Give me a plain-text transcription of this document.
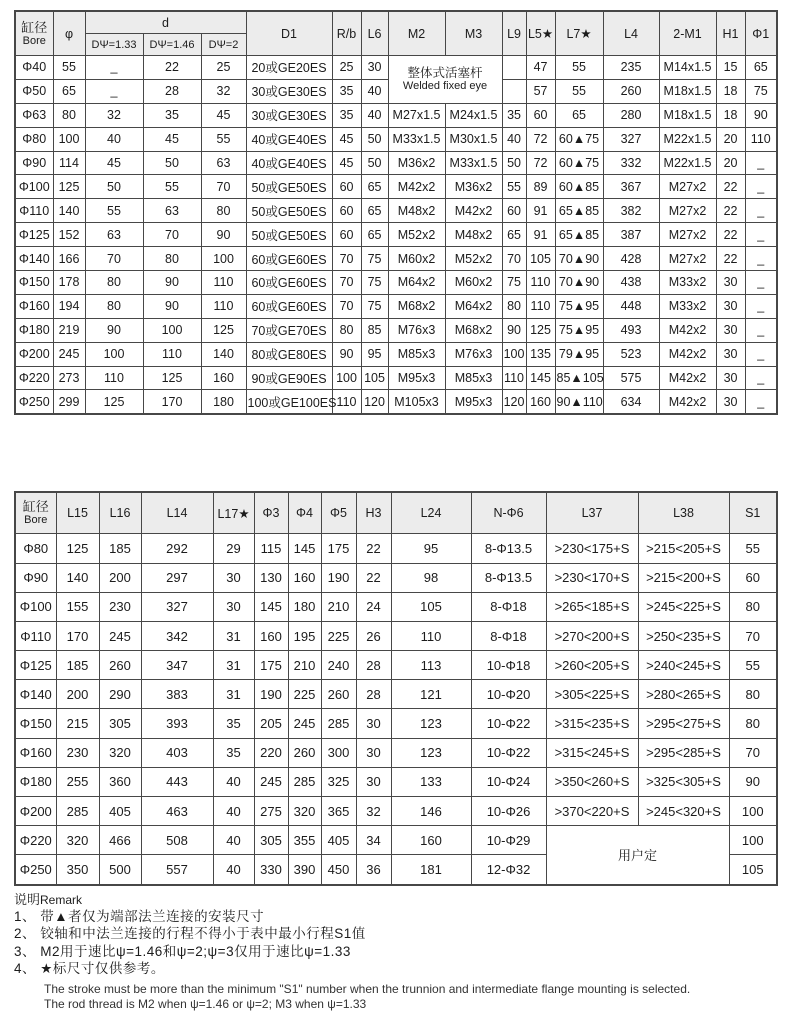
缸径
Bore	φ	d			D1	R/b	L6	M2	M3	L9	L5★	L7★	L4	2-M1	H1	Φ1
		DΨ=1.33	DΨ=1.46	DΨ=2												
Φ40	55	_	22	25	20或GE20ES	25	30	整体式活塞杆
Welded fixed eye			47	55	235	M14x1.5	15	65
Φ50	65	_	28	32	30或GE30ES	35	40				57	55	260	M18x1.5	18	75
Φ63	80	32	35	45	30或GE30ES	35	40	M27x1.5	M24x1.5	35	60	65	280	M18x1.5	18	90
Φ80	100	40	45	55	40或GE40ES	45	50	M33x1.5	M30x1.5	40	72	60▲75	327	M22x1.5	20	110
Φ90	114	45	50	63	40或GE40ES	45	50	M36x2	M33x1.5	50	72	60▲75	332	M22x1.5	20	_
Φ100	125	50	55	70	50或GE50ES	60	65	M42x2	M36x2	55	89	60▲85	367	M27x2	22	_
Φ110	140	55	63	80	50或GE50ES	60	65	M48x2	M42x2	60	91	65▲85	382	M27x2	22	_
Φ125	152	63	70	90	50或GE50ES	60	65	M52x2	M48x2	65	91	65▲85	387	M27x2	22	_
Φ140	166	70	80	100	60或GE60ES	70	75	M60x2	M52x2	70	105	70▲90	428	M27x2	22	_
Φ150	178	80	90	110	60或GE60ES	70	75	M64x2	M60x2	75	110	70▲90	438	M33x2	30	_
Φ160	194	80	90	110	60或GE60ES	70	75	M68x2	M64x2	80	110	75▲95	448	M33x2	30	_
Φ180	219	90	100	125	70或GE70ES	80	85	M76x3	M68x2	90	125	75▲95	493	M42x2	30	_
Φ200	245	100	110	140	80或GE80ES	90	95	M85x3	M76x3	100	135	79▲95	523	M42x2	30	_
Φ220	273	110	125	160	90或GE90ES	100	105	M95x3	M85x3	110	145	85▲105	575	M42x2	30	_
Φ250	299	125	170	180	100或GE100ES	110	120	M105x3	M95x3	120	160	90▲110	634	M42x2	30	_
缸径
Bore	L15	L16	L14	L17★	Φ3	Φ4	Φ5	H3	L24	N-Φ6	L37	L38	S1
Φ80	125	185	292	29	115	145	175	22	95	8-Φ13.5	>230<175+S	>215<205+S	55
Φ90	140	200	297	30	130	160	190	22	98	8-Φ13.5	>230<170+S	>215<200+S	60
Φ100	155	230	327	30	145	180	210	24	105	8-Φ18	>265<185+S	>245<225+S	80
Φ110	170	245	342	31	160	195	225	26	110	8-Φ18	>270<200+S	>250<235+S	70
Φ125	185	260	347	31	175	210	240	28	113	10-Φ18	>260<205+S	>240<245+S	55
Φ140	200	290	383	31	190	225	260	28	121	10-Φ20	>305<225+S	>280<265+S	80
Φ150	215	305	393	35	205	245	285	30	123	10-Φ22	>315<235+S	>295<275+S	80
Φ160	230	320	403	35	220	260	300	30	123	10-Φ22	>315<245+S	>295<285+S	70
Φ180	255	360	443	40	245	285	325	30	133	10-Φ24	>350<260+S	>325<305+S	90
Φ200	285	405	463	40	275	320	365	32	146	10-Φ26	>370<220+S	>245<320+S	100
Φ220	320	466	508	40	305	355	405	34	160	10-Φ29	用户定		100
Φ250	350	500	557	40	330	390	450	36	181	12-Φ32			105
说明Remark
1、 带▲者仅为端部法兰连接的安装尺寸
2、 铰轴和中法兰连接的行程不得小于表中最小行程S1值
3、 M2用于速比ψ=1.46和ψ=2;ψ=3仅用于速比ψ=1.33
4、 ★标尺寸仅供参考。
The stroke must be more than the minimum "S1" number when the trunnion and intermediate flange mounting is selected.
The rod thread is M2 when ψ=1.46 or ψ=2; M3 when ψ=1.33
